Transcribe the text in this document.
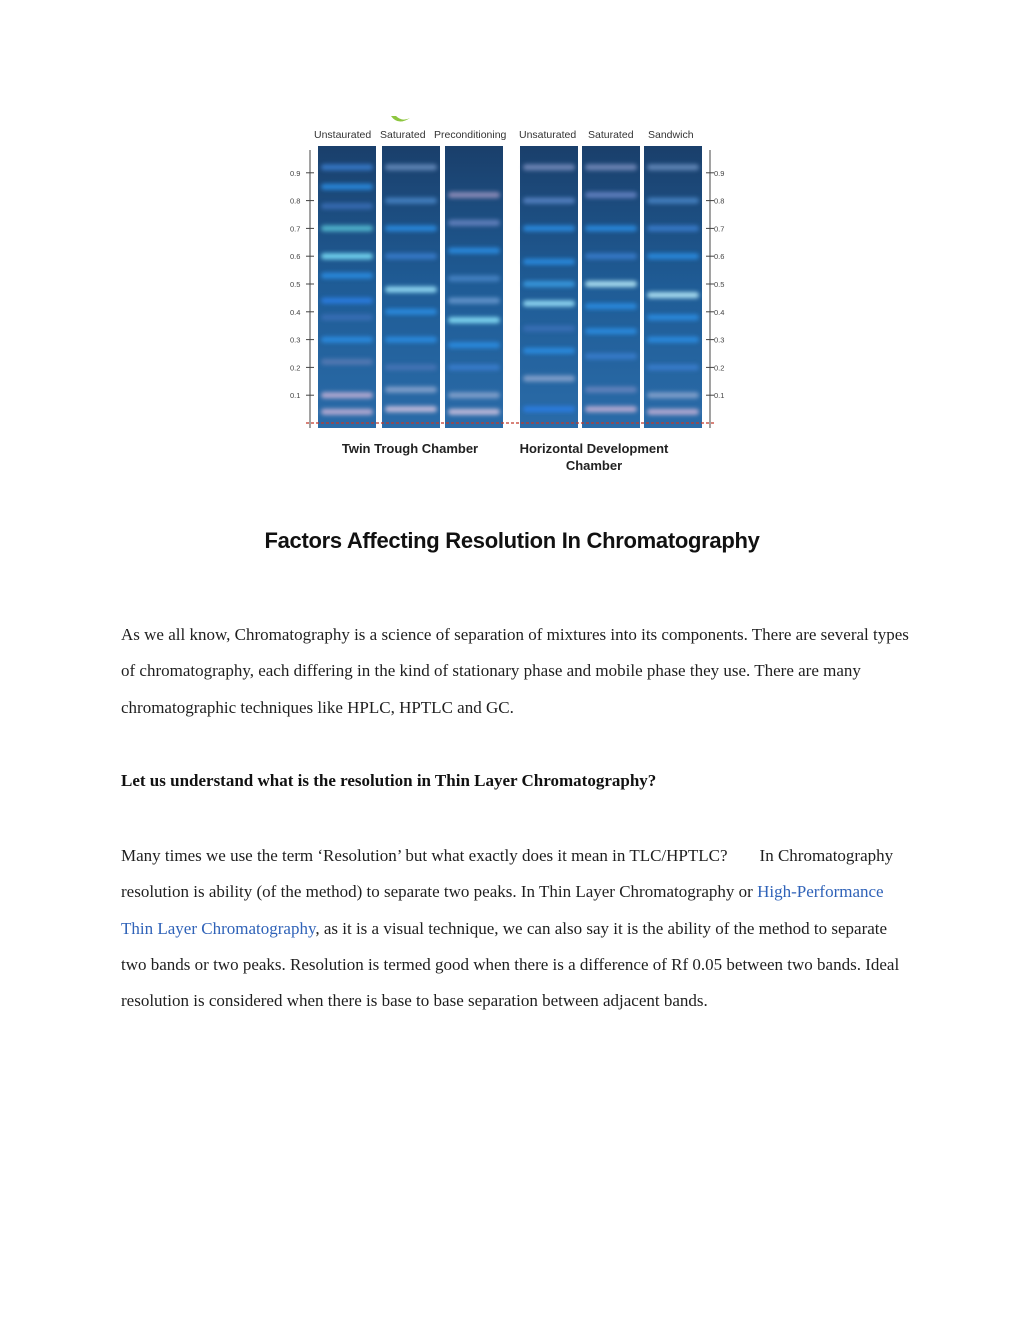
Unstaurated Saturated Preconditioning Unsaturated Saturated Sandwich
0.9
0.8
0.7
0.6
0.5
0.4
0.3
0.2
0.1
0.9
0.8
0.7
0.6
0.5
0.4
0.3
0.2
0.1
Twin Trough Chamber	Horizontal Development
Chamber
Factors Affecting Resolution In Chromatography

As we all know, Chromatography is a science of separation of mixtures into its components. There are several types of chromatography, each differing in the kind of stationary phase and mobile phase they use. There are many chromatographic techniques like HPLC, HPTLC and GC.

Let us understand what is the resolution in Thin Layer Chromatography?

Many times we use the term ‘Resolution’ but what exactly does it mean in TLC/HPTLC? In Chromatography resolution is ability (of the method) to separate two peaks. In Thin Layer Chromatography or High-Performance Thin Layer Chromatography, as it is a visual technique, we can also say it is the ability of the method to separate two bands or two peaks. Resolution is termed good when there is a difference of Rf 0.05 between two bands. Ideal resolution is considered when there is base to base separation between adjacent bands.
